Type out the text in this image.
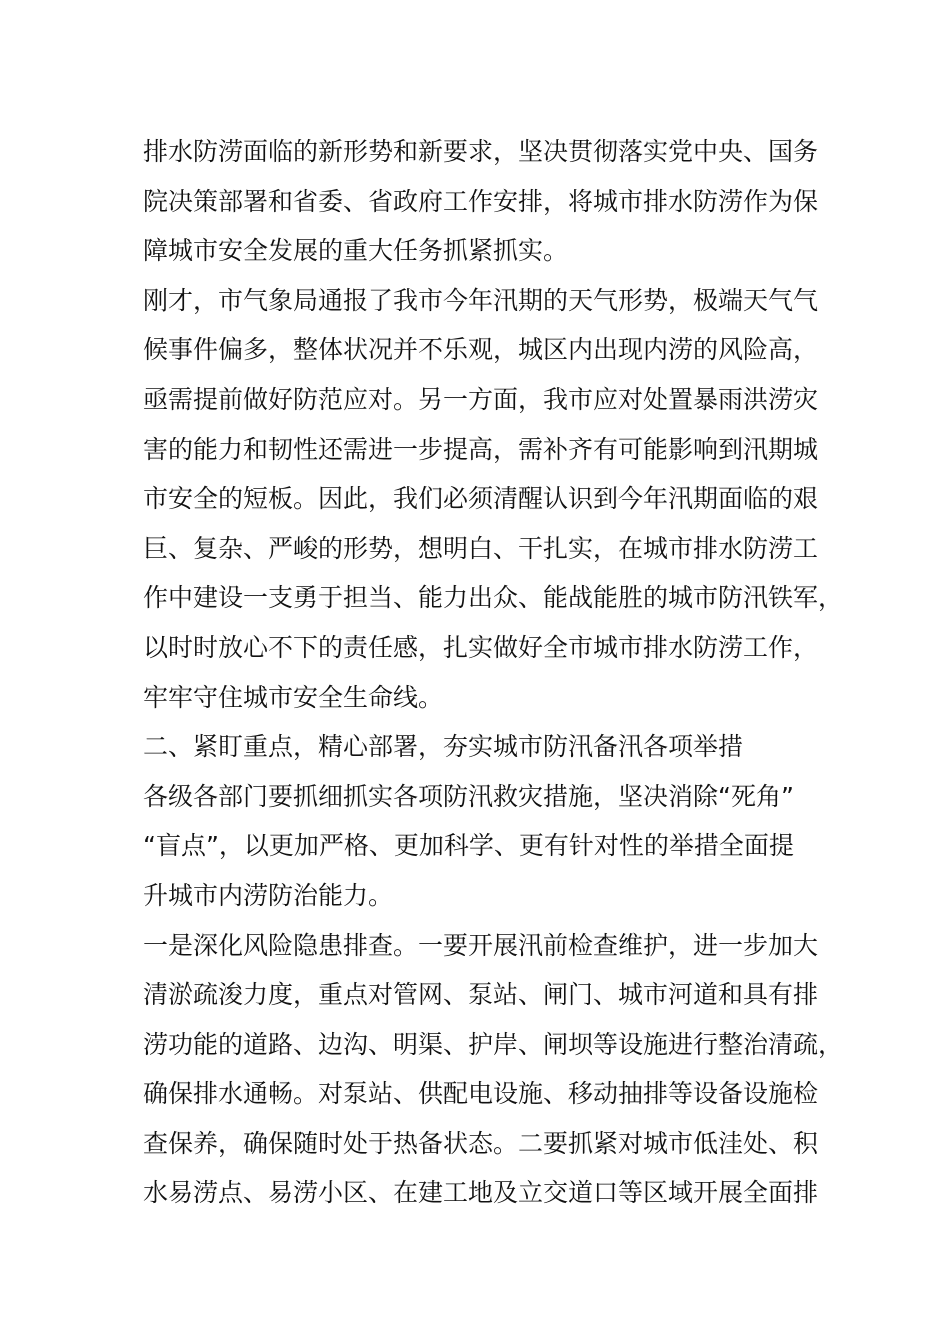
排水防涝面临的新形势和新要求，坚决贯彻落实党中央、国务
院决策部署和省委、省政府工作安排，将城市排水防涝作为保
障城市安全发展的重大任务抓紧抓实。
刚才，市气象局通报了我市今年汛期的天气形势，极端天气气
候事件偏多，整体状况并不乐观，城区内出现内涝的风险高，
亟需提前做好防范应对。另一方面，我市应对处置暴雨洪涝灾
害的能力和韧性还需进一步提高，需补齐有可能影响到汛期城
市安全的短板。因此，我们必须清醒认识到今年汛期面临的艰
巨、复杂、严峻的形势，想明白、干扎实，在城市排水防涝工
作中建设一支勇于担当、能力出众、能战能胜的城市防汛铁军，
以时时放心不下的责任感，扎实做好全市城市排水防涝工作，
牢牢守住城市安全生命线。
二、紧盯重点，精心部署，夯实城市防汛备汛各项举措
各级各部门要抓细抓实各项防汛救灾措施，坚决消除“死角”
“盲点”，以更加严格、更加科学、更有针对性的举措全面提
升城市内涝防治能力。
一是深化风险隐患排查。一要开展汛前检查维护，进一步加大
清淤疏浚力度，重点对管网、泵站、闸门、城市河道和具有排
涝功能的道路、边沟、明渠、护岸、闸坝等设施进行整治清疏，
确保排水通畅。对泵站、供配电设施、移动抽排等设备设施检
查保养，确保随时处于热备状态。二要抓紧对城市低洼处、积
水易涝点、易涝小区、在建工地及立交道口等区域开展全面排
